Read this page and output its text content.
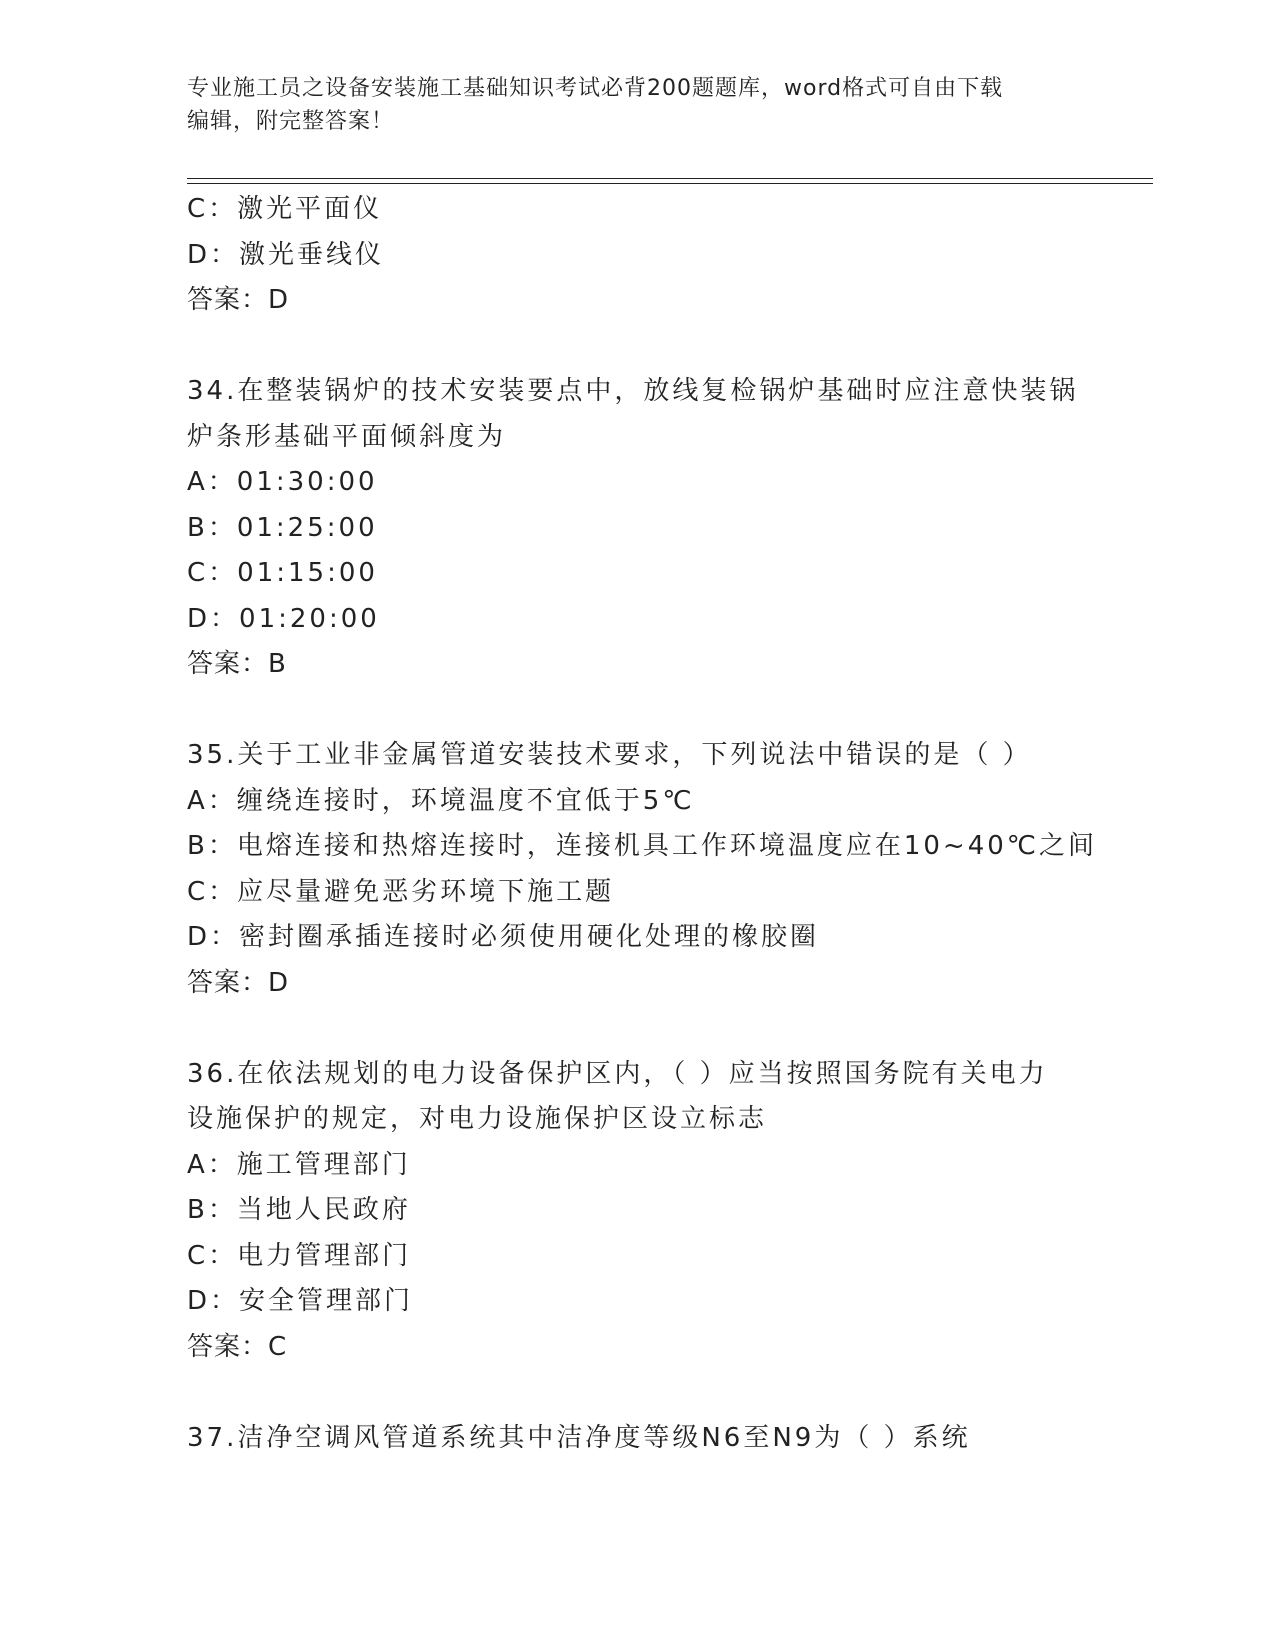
专业施工员之设备安装施工基础知识考试必背200题题库，word格式可自由下载
编辑，附完整答案！
C：激光平面仪
D：激光垂线仪
答案：D
34.在整装锅炉的技术安装要点中，放线复检锅炉基础时应注意快装锅
炉条形基础平面倾斜度为
A：01:30:00
B：01:25:00
C：01:15:00
D：01:20:00
答案：B
35.关于工业非金属管道安装技术要求，下列说法中错误的是（ ）
A：缠绕连接时，环境温度不宜低于5℃
B：电熔连接和热熔连接时，连接机具工作环境温度应在10~40℃之间
C：应尽量避免恶劣环境下施工题
D：密封圈承插连接时必须使用硬化处理的橡胶圈
答案：D
36.在依法规划的电力设备保护区内，（ ）应当按照国务院有关电力
设施保护的规定，对电力设施保护区设立标志
A：施工管理部门
B：当地人民政府
C：电力管理部门
D：安全管理部门
答案：C
37.洁净空调风管道系统其中洁净度等级N6至N9为（ ）系统
